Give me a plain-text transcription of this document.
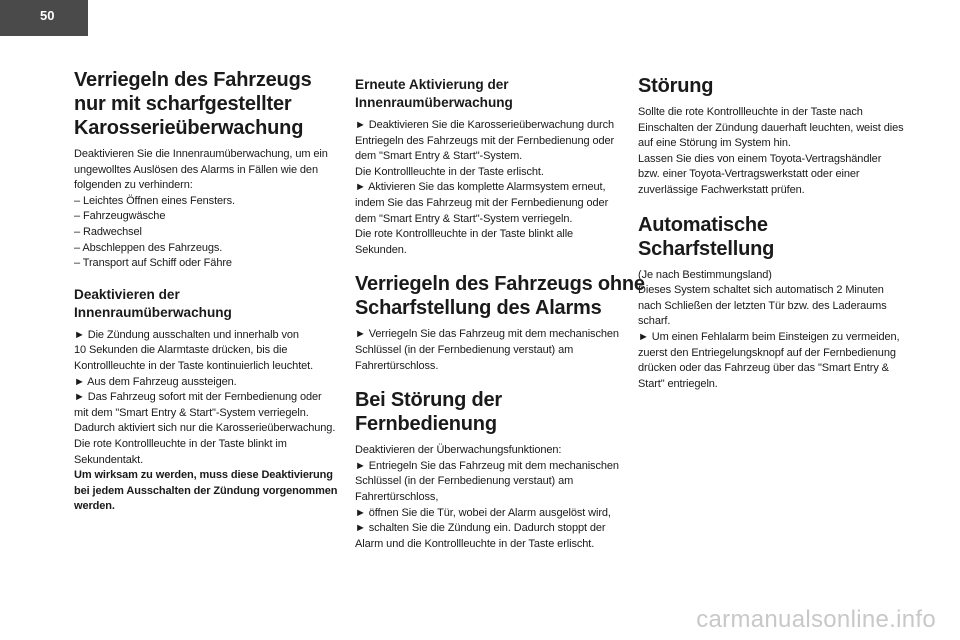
50
Verriegeln des Fahrzeugs
nur mit scharfgestellter
Karosserieüberwachung
Deaktivieren Sie die Innenraumüberwachung, um ein
ungewolltes Auslösen des Alarms in Fällen wie den
folgenden zu verhindern:
– Leichtes Öffnen eines Fensters.
– Fahrzeugwäsche
– Radwechsel
– Abschleppen des Fahrzeugs.
– Transport auf Schiff oder Fähre
Deaktivieren der Innenraumüberwachung
► Die Zündung ausschalten und innerhalb von
10 Sekunden die Alarmtaste drücken, bis die
Kontrollleuchte in der Taste kontinuierlich leuchtet.
► Aus dem Fahrzeug aussteigen.
► Das Fahrzeug sofort mit der Fernbedienung oder
mit dem "Smart Entry & Start"-System verriegeln.
Dadurch aktiviert sich nur die Karosserieüberwachung.
Die rote Kontrollleuchte in der Taste blinkt im
Sekundentakt.
Um wirksam zu werden, muss diese Deaktivierung
bei jedem Ausschalten der Zündung vorgenommen
werden.
Erneute Aktivierung der
Innenraumüberwachung
► Deaktivieren Sie die Karosserieüberwachung durch
Entriegeln des Fahrzeugs mit der Fernbedienung oder
dem "Smart Entry & Start"-System.
Die Kontrollleuchte in der Taste erlischt.
► Aktivieren Sie das komplette Alarmsystem erneut,
indem Sie das Fahrzeug mit der Fernbedienung oder
dem "Smart Entry & Start"-System verriegeln.
Die rote Kontrollleuchte in der Taste blinkt alle
Sekunden.
Verriegeln des Fahrzeugs ohne
Scharfstellung des Alarms
► Verriegeln Sie das Fahrzeug mit dem mechanischen
Schlüssel (in der Fernbedienung verstaut) am
Fahrertürschloss.
Bei Störung der Fernbedienung
Deaktivieren der Überwachungsfunktionen:
► Entriegeln Sie das Fahrzeug mit dem mechanischen
Schlüssel (in der Fernbedienung verstaut) am
Fahrertürschloss,
► öffnen Sie die Tür, wobei der Alarm ausgelöst wird,
► schalten Sie die Zündung ein. Dadurch stoppt der
Alarm und die Kontrollleuchte in der Taste erlischt.
Störung
Sollte die rote Kontrollleuchte in der Taste nach
Einschalten der Zündung dauerhaft leuchten, weist dies
auf eine Störung im System hin.
Lassen Sie dies von einem Toyota-Vertragshändler
bzw. einer Toyota-Vertragswerkstatt oder einer
zuverlässige Fachwerkstatt prüfen.
Automatische Scharfstellung
(Je nach Bestimmungsland)
Dieses System schaltet sich automatisch 2 Minuten
nach Schließen der letzten Tür bzw. des Laderaums
scharf.
► Um einen Fehlalarm beim Einsteigen zu vermeiden,
zuerst den Entriegelungsknopf auf der Fernbedienung
drücken oder das Fahrzeug über das "Smart Entry &
Start" entriegeln.
carmanualsonline.info
